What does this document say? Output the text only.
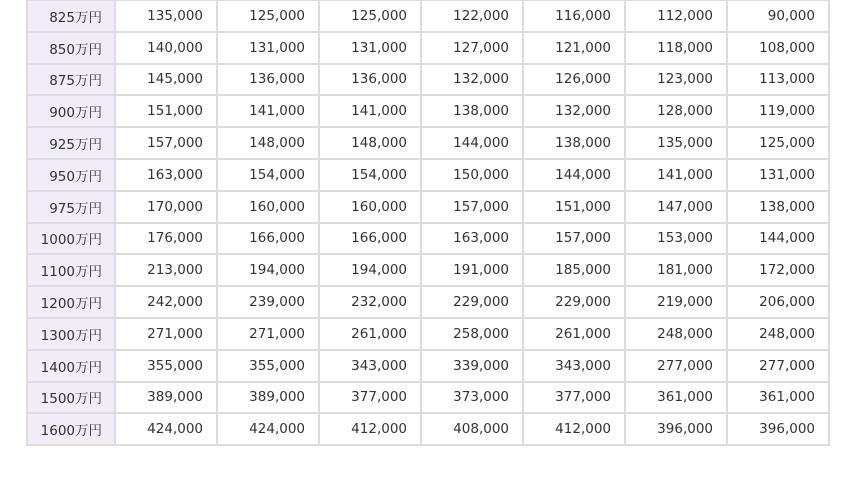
825万円	135,000	125,000	125,000	122,000	116,000	112,000	90,000
850万円	140,000	131,000	131,000	127,000	121,000	118,000	108,000
875万円	145,000	136,000	136,000	132,000	126,000	123,000	113,000
900万円	151,000	141,000	141,000	138,000	132,000	128,000	119,000
925万円	157,000	148,000	148,000	144,000	138,000	135,000	125,000
950万円	163,000	154,000	154,000	150,000	144,000	141,000	131,000
975万円	170,000	160,000	160,000	157,000	151,000	147,000	138,000
1000万円	176,000	166,000	166,000	163,000	157,000	153,000	144,000
1100万円	213,000	194,000	194,000	191,000	185,000	181,000	172,000
1200万円	242,000	239,000	232,000	229,000	229,000	219,000	206,000
1300万円	271,000	271,000	261,000	258,000	261,000	248,000	248,000
1400万円	355,000	355,000	343,000	339,000	343,000	277,000	277,000
1500万円	389,000	389,000	377,000	373,000	377,000	361,000	361,000
1600万円	424,000	424,000	412,000	408,000	412,000	396,000	396,000
